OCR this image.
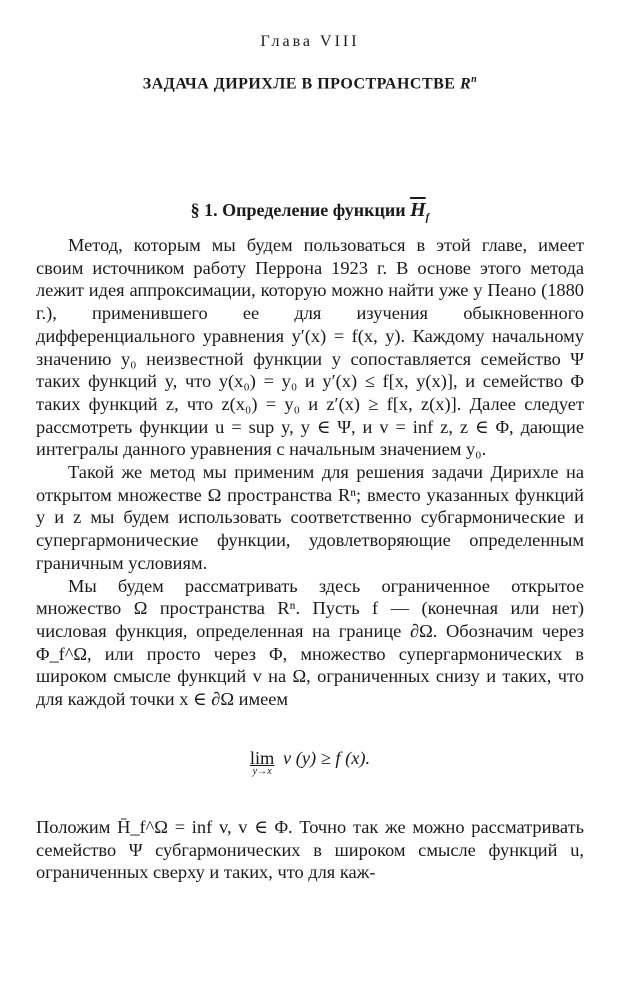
Глава VIII
ЗАДАЧА ДИРИХЛЕ В ПРОСТРАНСТВЕ $R^n$
§ 1. Определение функции $\overline{H}_f$

Метод, которым мы будем пользоваться в этой главе, имеет своим источником работу Перрона 1923 г. В основе этого метода лежит идея аппроксимации, которую можно найти уже у Пеано (1880 г.), применившего ее для изучения обыкновенного дифференциального уравнения y′(x) = f(x, y). Каждому начальному значению y₀ неизвестной функции y сопоставляется семейство Ψ таких функций y, что y(x₀) = y₀ и y′(x) ≤ f[x, y(x)], и семейство Φ таких функций z, что z(x₀) = y₀ и z′(x) ≥ f[x, z(x)]. Далее следует рассмотреть функции u = sup y, y ∈ Ψ, и v = inf z, z ∈ Φ, дающие интегралы данного уравнения с начальным значением y₀.

Такой же метод мы применим для решения задачи Дирихле на открытом множестве Ω пространства Rⁿ; вместо указанных функций y и z мы будем использовать соответственно субгармонические и супергармонические функции, удовлетворяющие определенным граничным условиям.

Мы будем рассматривать здесь ограниченное открытое множество Ω пространства Rⁿ. Пусть f — (конечная или нет) числовая функция, определенная на границе ∂Ω. Обозначим через Φ_f^Ω, или просто через Φ, множество супергармонических в широком смысле функций v на Ω, ограниченных снизу и таких, что для каждой точки x ∈ ∂Ω имеем

lim
y→x
v (y) ≥ f (x).

Положим H̄_f^Ω = inf v, v ∈ Φ. Точно так же можно рассматривать семейство Ψ субгармонических в широком смысле функций u, ограниченных сверху и таких, что для каж-
